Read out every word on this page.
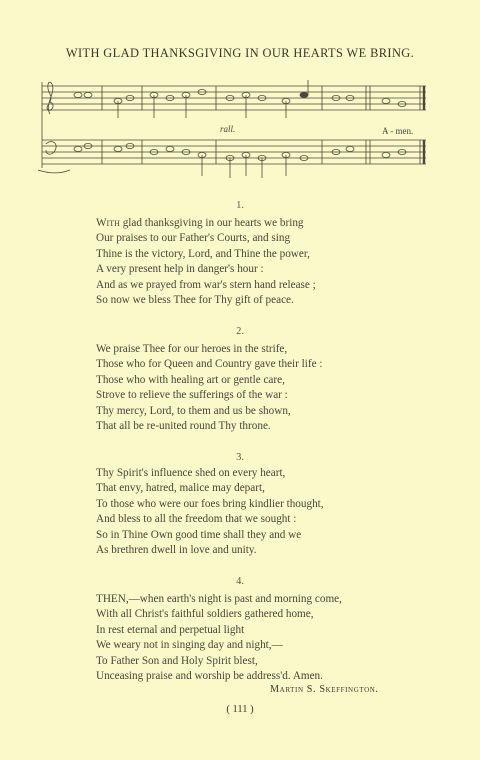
WITH GLAD THANKSGIVING IN OUR HEARTS WE BRING.
rall.	A - men.
1.
With glad thanksgiving in our hearts we bring
Our praises to our Father's Courts, and sing
Thine is the victory, Lord, and Thine the power,
A very present help in danger's hour :
And as we prayed from war's stern hand release ;
So now we bless Thee for Thy gift of peace.
2.
We praise Thee for our heroes in the strife,
Those who for Queen and Country gave their life :
Those who with healing art or gentle care,
Strove to relieve the sufferings of the war :
Thy mercy, Lord, to them and us be shown,
That all be re-united round Thy throne.
3.
Thy Spirit's influence shed on every heart,
That envy, hatred, malice may depart,
To those who were our foes bring kindlier thought,
And bless to all the freedom that we sought :
So in Thine Own good time shall they and we
As brethren dwell in love and unity.
4.
THEN,—when earth's night is past and morning come,
With all Christ's faithful soldiers gathered home,
In rest eternal and perpetual light
We weary not in singing day and night,—
To Father Son and Holy Spirit blest,
Unceasing praise and worship be address'd. Amen.
Martin S. Skeffington.
( 111 )
